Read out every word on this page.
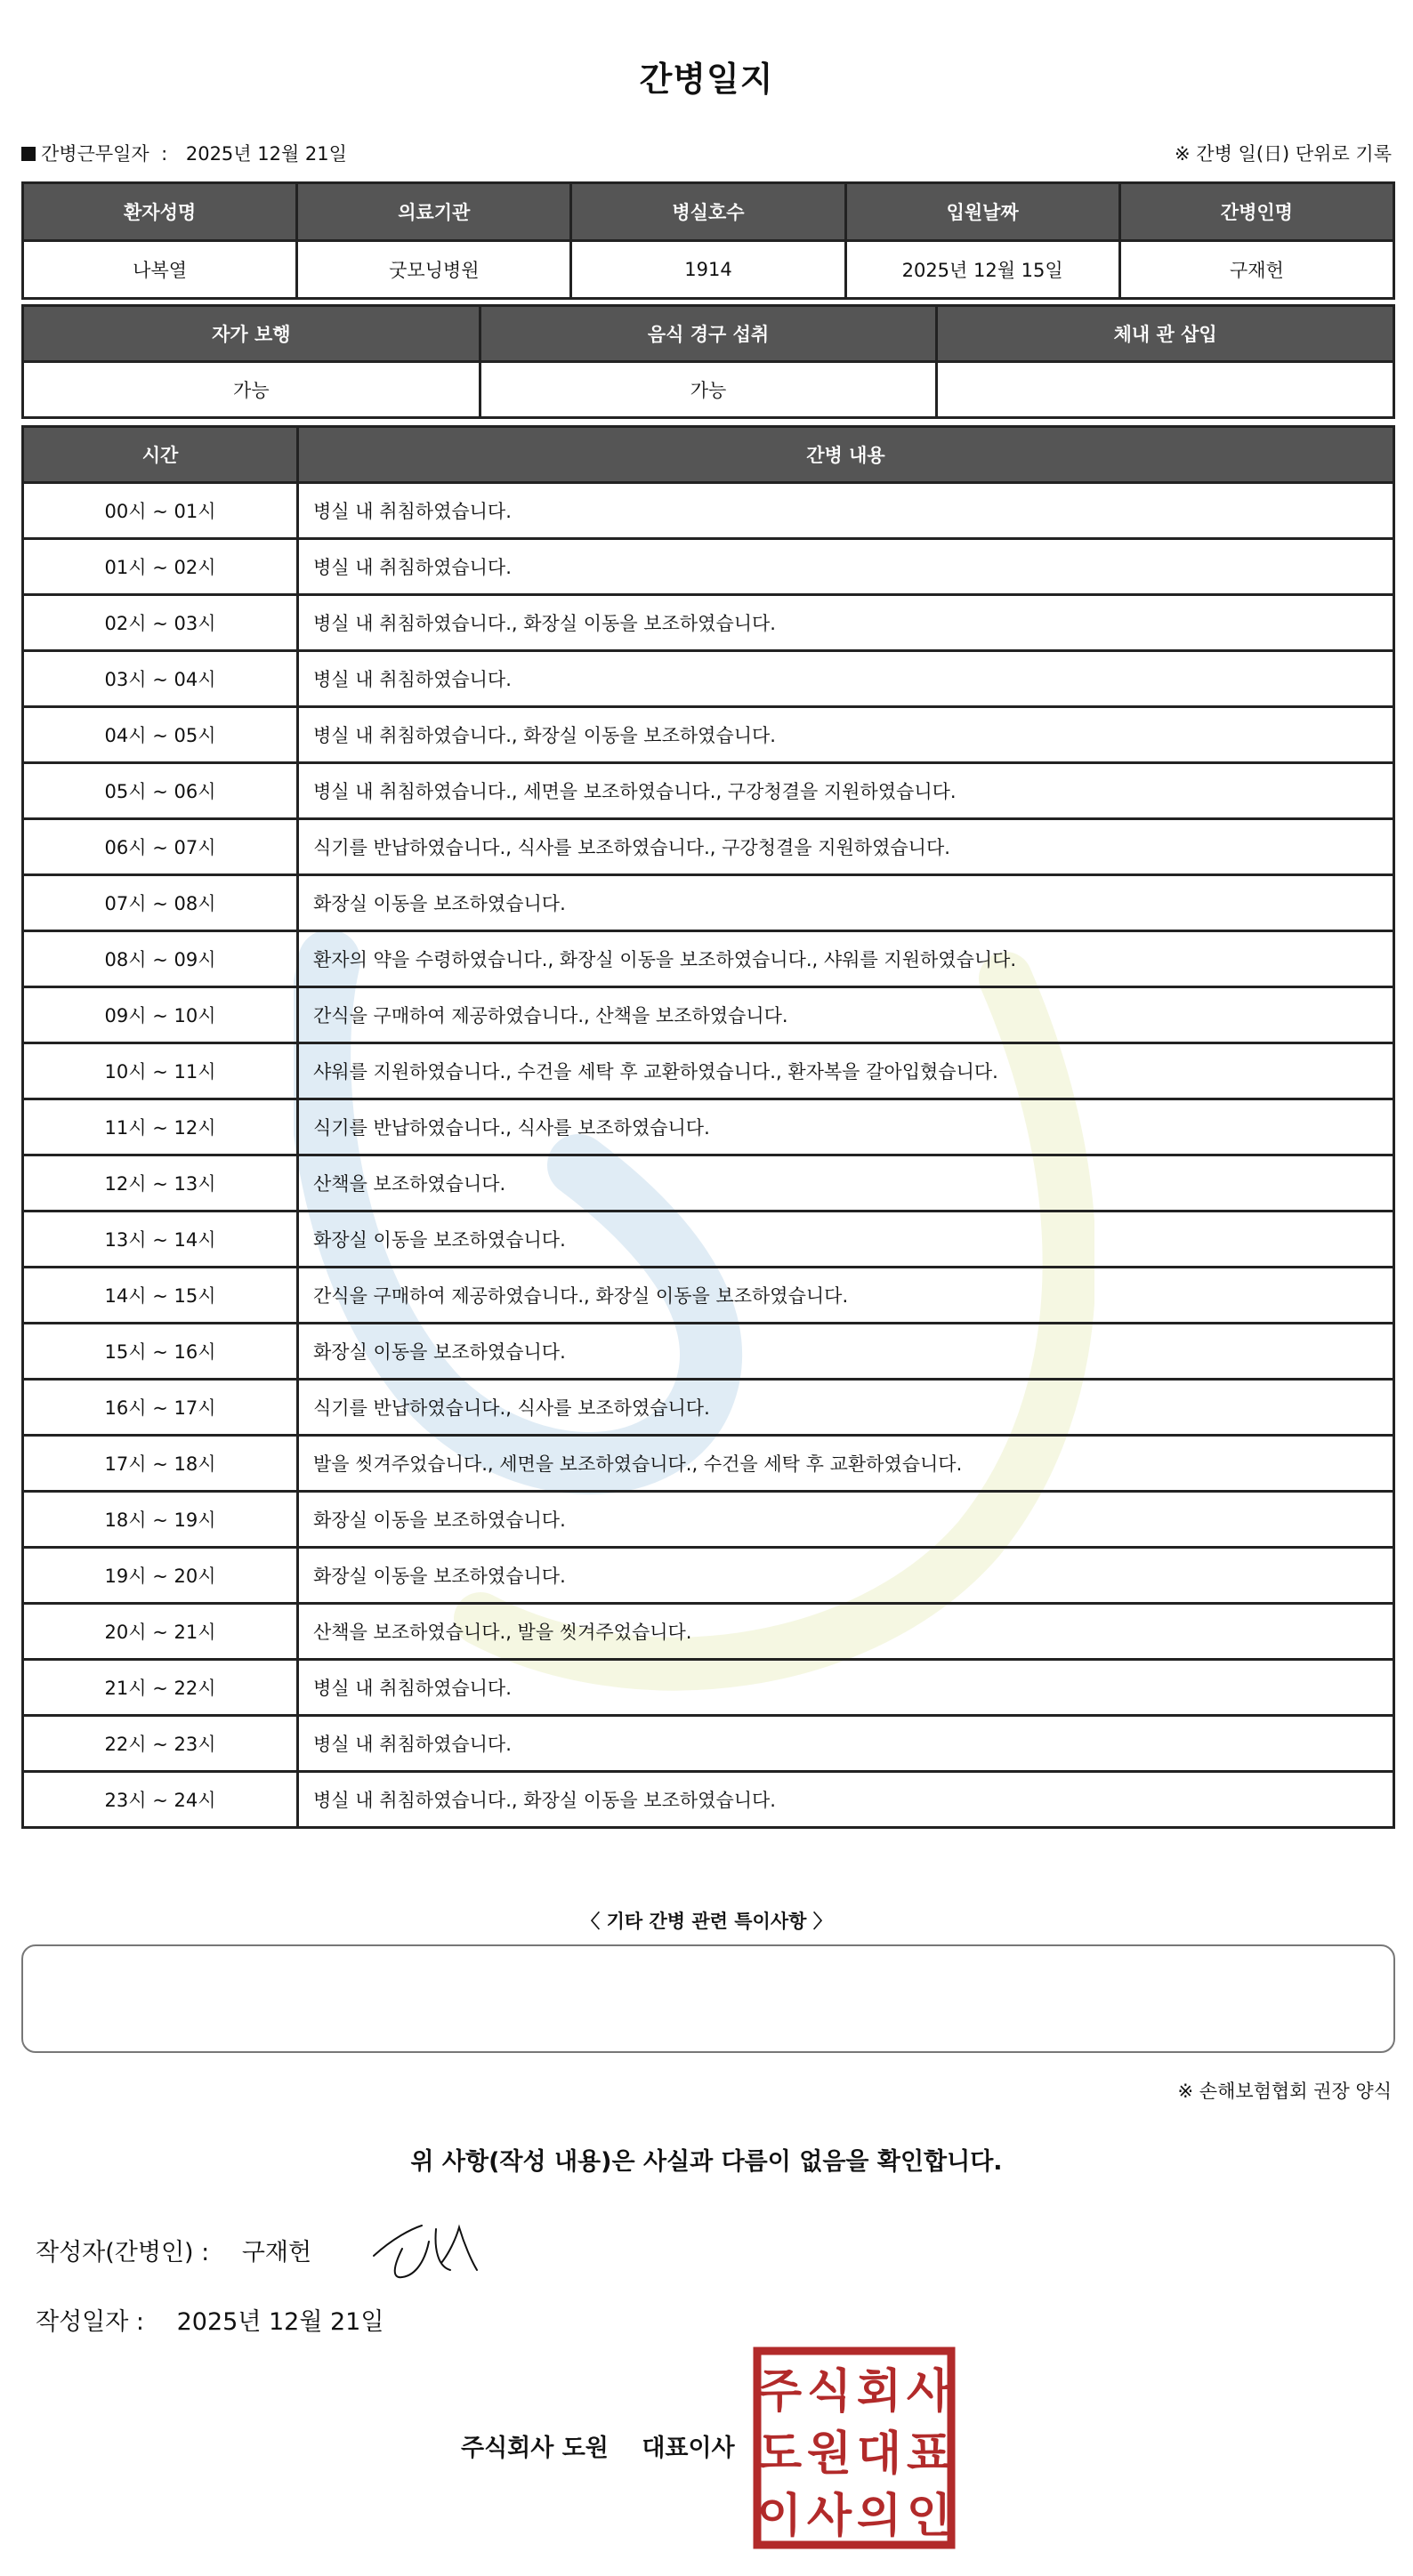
간병일지
간병근무일자 : 2025년 12월 21일	※ 간병 일(日) 단위로 기록
환자성명	의료기관	병실호수	입원날짜	간병인명
나복열	굿모닝병원	1914	2025년 12월 15일	구재헌
자가 보행	음식 경구 섭취	체내 관 삽입
가능	가능	
시간	간병 내용
00시 ~ 01시	병실 내 취침하였습니다.
01시 ~ 02시	병실 내 취침하였습니다.
02시 ~ 03시	병실 내 취침하였습니다., 화장실 이동을 보조하였습니다.
03시 ~ 04시	병실 내 취침하였습니다.
04시 ~ 05시	병실 내 취침하였습니다., 화장실 이동을 보조하였습니다.
05시 ~ 06시	병실 내 취침하였습니다., 세면을 보조하였습니다., 구강청결을 지원하였습니다.
06시 ~ 07시	식기를 반납하였습니다., 식사를 보조하였습니다., 구강청결을 지원하였습니다.
07시 ~ 08시	화장실 이동을 보조하였습니다.
08시 ~ 09시	환자의 약을 수령하였습니다., 화장실 이동을 보조하였습니다., 샤워를 지원하였습니다.
09시 ~ 10시	간식을 구매하여 제공하였습니다., 산책을 보조하였습니다.
10시 ~ 11시	샤워를 지원하였습니다., 수건을 세탁 후 교환하였습니다., 환자복을 갈아입혔습니다.
11시 ~ 12시	식기를 반납하였습니다., 식사를 보조하였습니다.
12시 ~ 13시	산책을 보조하였습니다.
13시 ~ 14시	화장실 이동을 보조하였습니다.
14시 ~ 15시	간식을 구매하여 제공하였습니다., 화장실 이동을 보조하였습니다.
15시 ~ 16시	화장실 이동을 보조하였습니다.
16시 ~ 17시	식기를 반납하였습니다., 식사를 보조하였습니다.
17시 ~ 18시	발을 씻겨주었습니다., 세면을 보조하였습니다., 수건을 세탁 후 교환하였습니다.
18시 ~ 19시	화장실 이동을 보조하였습니다.
19시 ~ 20시	화장실 이동을 보조하였습니다.
20시 ~ 21시	산책을 보조하였습니다., 발을 씻겨주었습니다.
21시 ~ 22시	병실 내 취침하였습니다.
22시 ~ 23시	병실 내 취침하였습니다.
23시 ~ 24시	병실 내 취침하였습니다., 화장실 이동을 보조하였습니다.
〈 기타 간병 관련 특이사항 〉
※ 손해보험협회 권장 양식
위 사항(작성 내용)은 사실과 다름이 없음을 확인합니다.
작성자(간병인) : 구재헌
작성일자 : 2025년 12월 21일
주식회사 도원 대표이사
주 식 회 사
도 원 대 표
이 사 의 인
